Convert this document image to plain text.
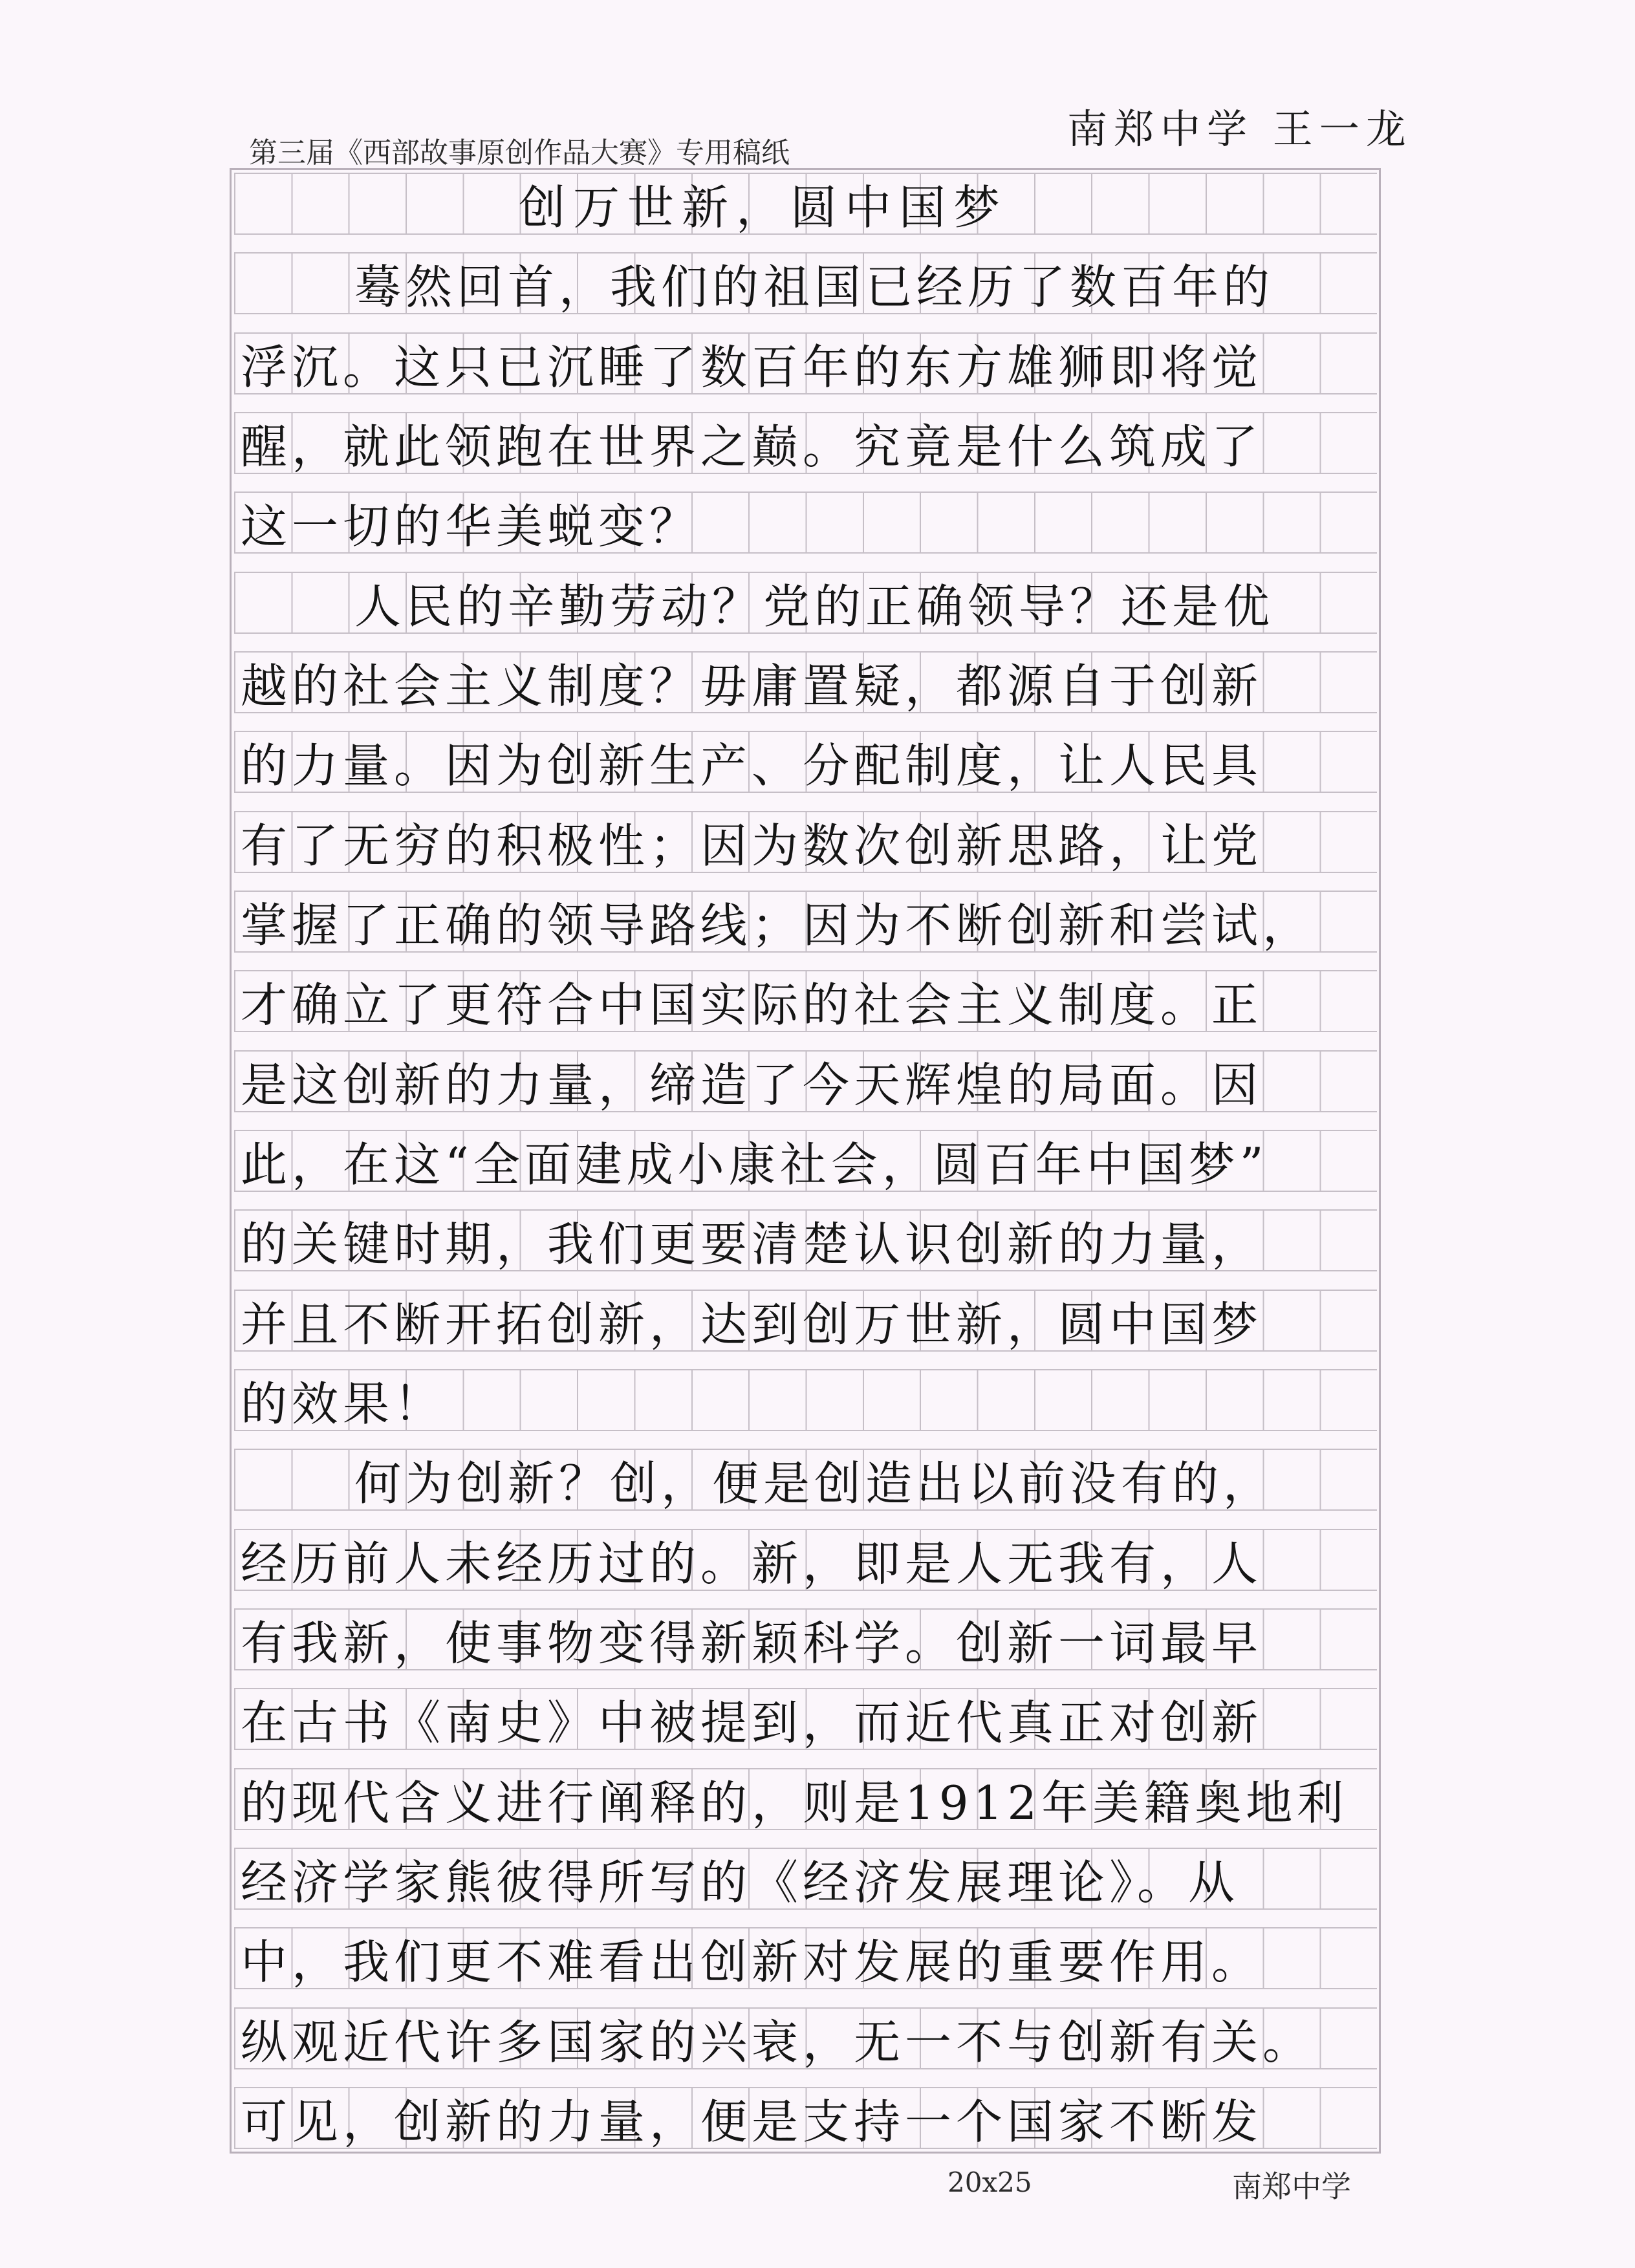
南郑中学 王一龙
第三届《西部故事原创作品大赛》专用稿纸
创万世新，圆中国梦
蓦然回首，我们的祖国已经历了数百年的
浮沉。这只已沉睡了数百年的东方雄狮即将觉
醒，就此领跑在世界之巅。究竟是什么筑成了
这一切的华美蜕变？
人民的辛勤劳动？党的正确领导？还是优
越的社会主义制度？毋庸置疑，都源自于创新
的力量。因为创新生产、分配制度，让人民具
有了无穷的积极性；因为数次创新思路，让党
掌握了正确的领导路线；因为不断创新和尝试，
才确立了更符合中国实际的社会主义制度。正
是这创新的力量，缔造了今天辉煌的局面。因
此，在这“全面建成小康社会，圆百年中国梦”
的关键时期，我们更要清楚认识创新的力量，
并且不断开拓创新，达到创万世新，圆中国梦
的效果！
何为创新？创，便是创造出以前没有的，
经历前人未经历过的。新，即是人无我有，人
有我新，使事物变得新颖科学。创新一词最早
在古书《南史》中被提到，而近代真正对创新
的现代含义进行阐释的，则是1912年美籍奥地利
经济学家熊彼得所写的《经济发展理论》。从
中，我们更不难看出创新对发展的重要作用。
纵观近代许多国家的兴衰，无一不与创新有关。
可见，创新的力量，便是支持一个国家不断发
20x25	南郑中学
